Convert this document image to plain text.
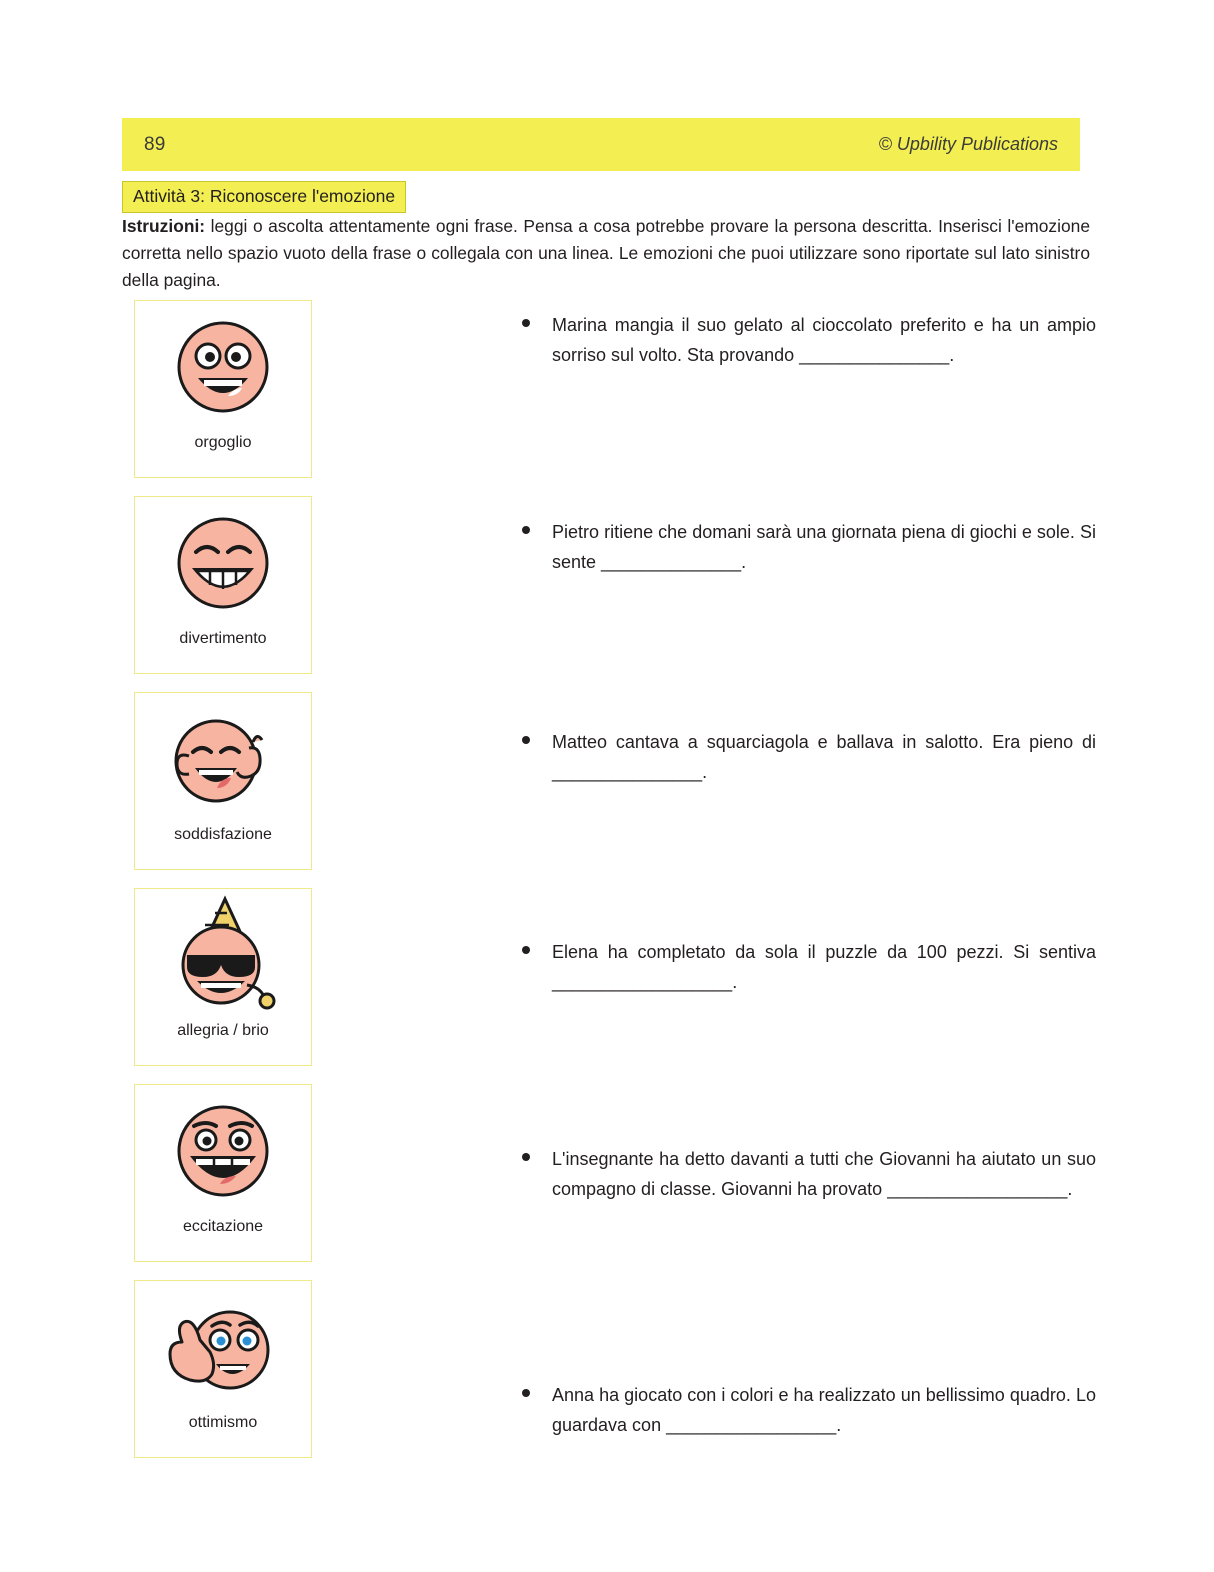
89	© Upbility Publications
Attività 3: Riconoscere l'emozione
Istruzioni: leggi o ascolta attentamente ogni frase. Pensa a cosa potrebbe provare la persona descritta. Inserisci l'emozione corretta nello spazio vuoto della frase o collegala con una linea. Le emozioni che puoi utilizzare sono riportate sul lato sinistro della pagina.
orgoglio
divertimento
soddisfazione
allegria / brio
eccitazione
ottimismo
Marina mangia il suo gelato al cioccolato preferito e ha un ampio sorriso sul volto. Sta provando _______________.
Pietro ritiene che domani sarà una giornata piena di giochi e sole. Si sente ______________.
Matteo cantava a squarciagola e ballava in salotto. Era pieno di _______________.
Elena ha completato da sola il puzzle da 100 pezzi. Si sentiva __________________.
L'insegnante ha detto davanti a tutti che Giovanni ha aiutato un suo compagno di classe. Giovanni ha provato __________________.
Anna ha giocato con i colori e ha realizzato un bellissimo quadro. Lo guardava con _________________.
